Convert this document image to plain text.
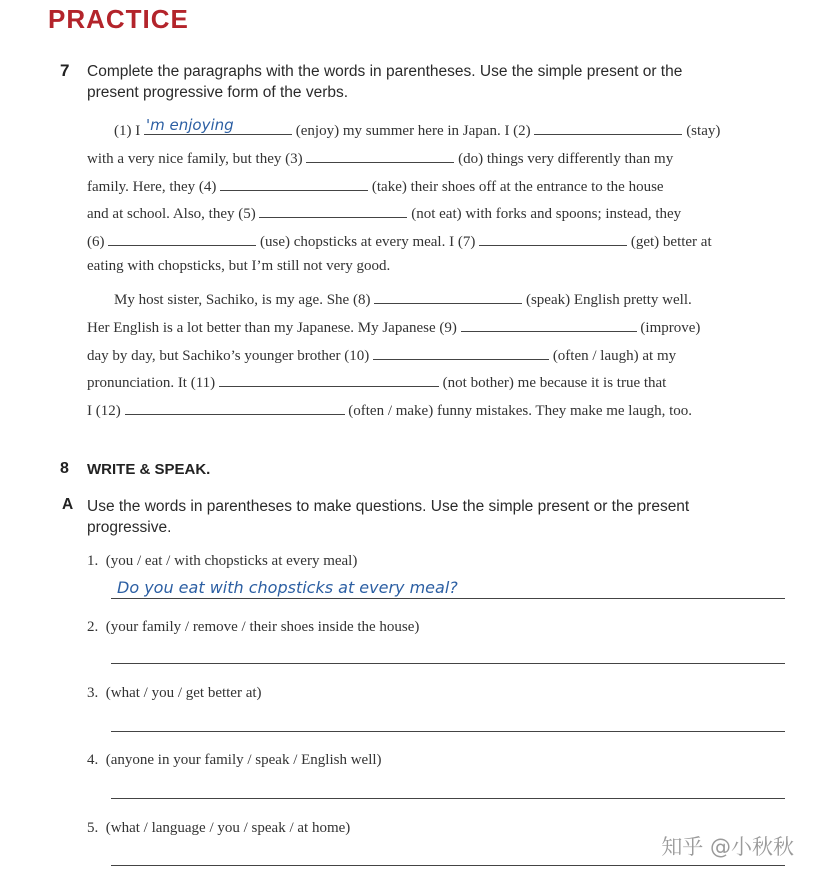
PRACTICE
7 Complete the paragraphs with the words in parentheses. Use the simple present or the
present progressive form of the verbs.
(1) I 'm enjoying	(enjoy) my summer here in Japan. I (2)	(stay)
with a very nice family, but they (3)	(do) things very differently than my
family. Here, they (4)	(take) their shoes off at the entrance to the house
and at school. Also, they (5)	(not eat) with forks and spoons; instead, they
(6)	(use) chopsticks at every meal. I (7)	(get) better at
eating with chopsticks, but I’m still not very good.
My host sister, Sachiko, is my age. She (8)	(speak) English pretty well.
Her English is a lot better than my Japanese. My Japanese (9)	(improve)
day by day, but Sachiko’s younger brother (10)	(often / laugh) at my
pronunciation. It (11)	(not bother) me because it is true that
I (12)	(often / make) funny mistakes. They make me laugh, too.
8 WRITE & SPEAK.
A Use the words in parentheses to make questions. Use the simple present or the present
progressive.
1. (you / eat / with chopsticks at every meal)
Do you eat with chopsticks at every meal?
2. (your family / remove / their shoes inside the house)
3. (what / you / get better at)
4. (anyone in your family / speak / English well)
5. (what / language / you / speak / at home)
知乎 @小秋秋
